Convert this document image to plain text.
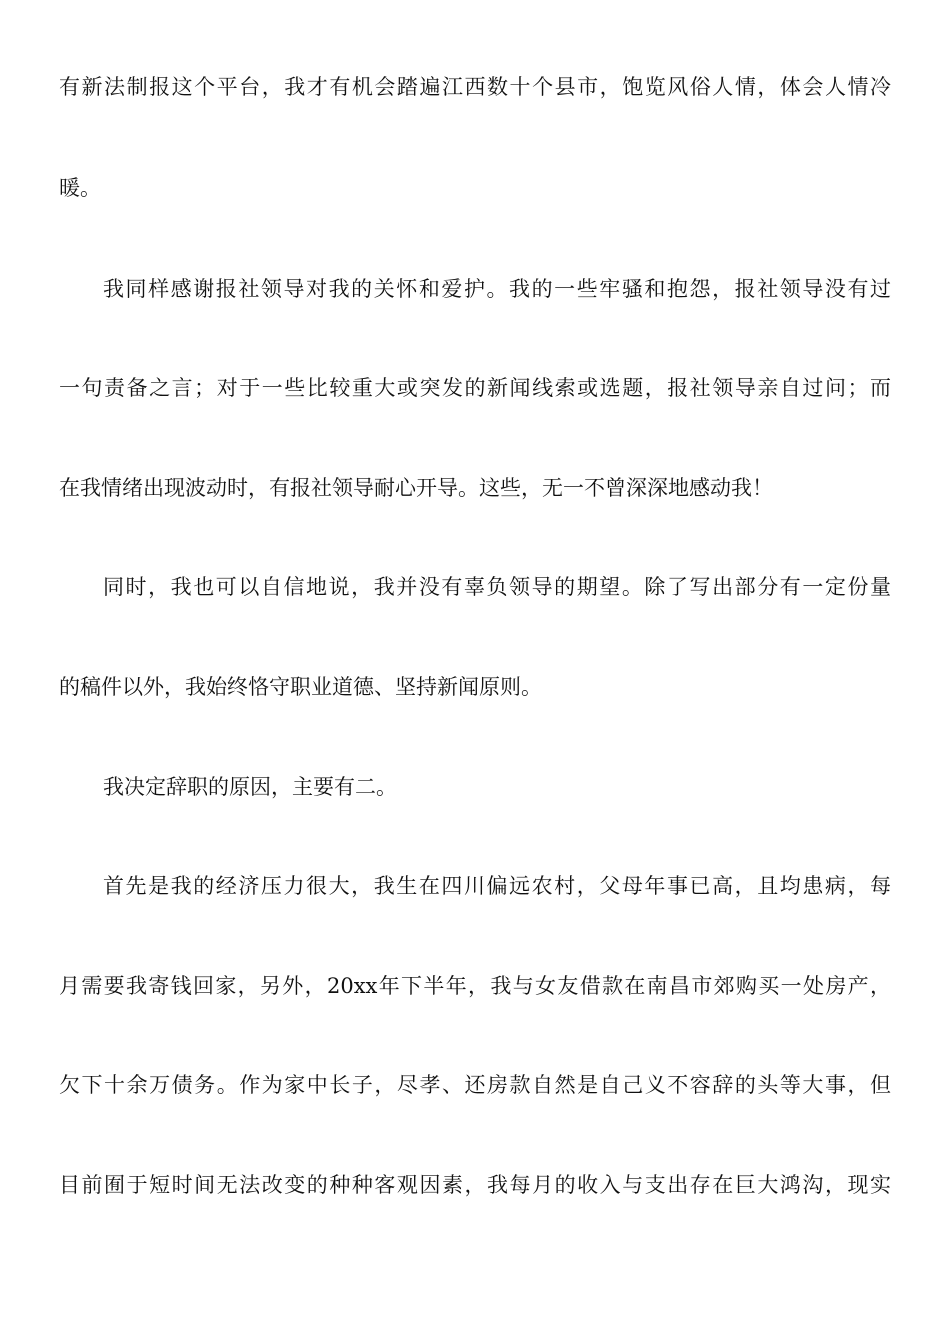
有新法制报这个平台，我才有机会踏遍江西数十个县市，饱览风俗人情，体会人情冷
暖。
我同样感谢报社领导对我的关怀和爱护。我的一些牢骚和抱怨，报社领导没有过
一句责备之言；对于一些比较重大或突发的新闻线索或选题，报社领导亲自过问；而
在我情绪出现波动时，有报社领导耐心开导。这些，无一不曾深深地感动我！
同时，我也可以自信地说，我并没有辜负领导的期望。除了写出部分有一定份量
的稿件以外，我始终恪守职业道德、坚持新闻原则。
我决定辞职的原因，主要有二。
首先是我的经济压力很大，我生在四川偏远农村，父母年事已高，且均患病，每
月需要我寄钱回家，另外，20xx年下半年，我与女友借款在南昌市郊购买一处房产，
欠下十余万债务。作为家中长子，尽孝、还房款自然是自己义不容辞的头等大事，但
目前囿于短时间无法改变的种种客观因素，我每月的收入与支出存在巨大鸿沟，现实
